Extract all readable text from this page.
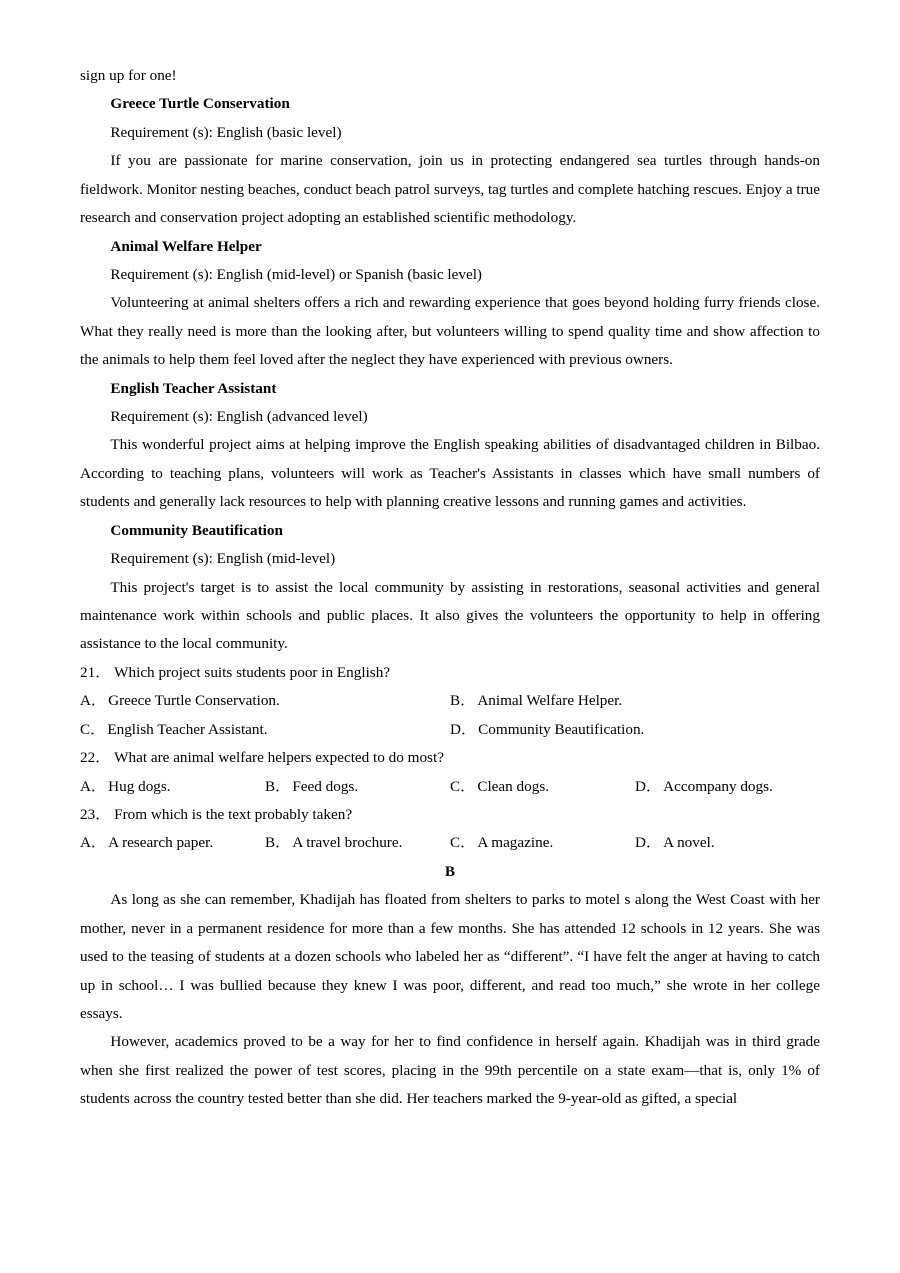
sign up for one!

Greece Turtle Conservation

Requirement (s): English (basic level)

If you are passionate for marine conservation, join us in protecting endangered sea turtles through hands-on fieldwork. Monitor nesting beaches, conduct beach patrol surveys, tag turtles and complete hatching rescues. Enjoy a true research and conservation project adopting an established scientific methodology.

Animal Welfare Helper

Requirement (s): English (mid-level) or Spanish (basic level)

Volunteering at animal shelters offers a rich and rewarding experience that goes beyond holding furry friends close. What they really need is more than the looking after, but volunteers willing to spend quality time and show affection to the animals to help them feel loved after the neglect they have experienced with previous owners.

English Teacher Assistant

Requirement (s): English (advanced level)

This wonderful project aims at helping improve the English speaking abilities of disadvantaged children in Bilbao. According to teaching plans, volunteers will work as Teacher's Assistants in classes which have small numbers of students and generally lack resources to help with planning creative lessons and running games and activities.

Community Beautification

Requirement (s): English (mid-level)

This project's target is to assist the local community by assisting in restorations, seasonal activities and general maintenance work within schools and public places. It also gives the volunteers the opportunity to help in offering assistance to the local community.

21． Which project suits students poor in English?

A． Greece Turtle Conservation.	B． Animal Welfare Helper.
C． English Teacher Assistant.	D． Community Beautification.

22． What are animal welfare helpers expected to do most?

A． Hug dogs.	B． Feed dogs.	C． Clean dogs.	D． Accompany dogs.

23． From which is the text probably taken?

A． A research paper.	B． A travel brochure.	C． A magazine.	D． A novel.

B

As long as she can remember, Khadijah has floated from shelters to parks to motel s along the West Coast with her mother, never in a permanent residence for more than a few months. She has attended 12 schools in 12 years. She was used to the teasing of students at a dozen schools who labeled her as “different”. “I have felt the anger at having to catch up in school… I was bullied because they knew I was poor, different, and read too much,” she wrote in her college essays.

However, academics proved to be a way for her to find confidence in herself again. Khadijah was in third grade when she first realized the power of test scores, placing in the 99th percentile on a state exam—that is, only 1% of students across the country tested better than she did. Her teachers marked the 9-year-old as gifted, a special
